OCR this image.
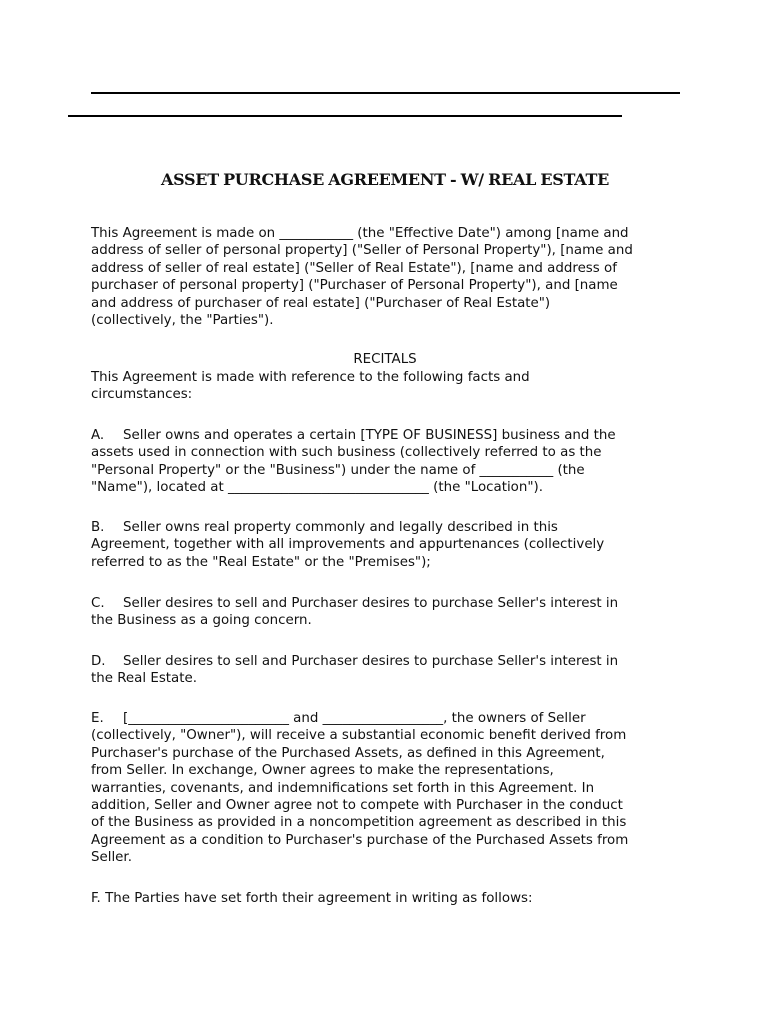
ASSET PURCHASE AGREEMENT - W/ REAL ESTATE
This Agreement is made on ___________ (the "Effective Date") among [name and
address of seller of personal property] ("Seller of Personal Property"), [name and
address of seller of real estate] ("Seller of Real Estate"), [name and address of
purchaser of personal property] ("Purchaser of Personal Property"), and [name
and address of purchaser of real estate] ("Purchaser of Real Estate")
(collectively, the "Parties").
RECITALS
This Agreement is made with reference to the following facts and
circumstances:
A. Seller owns and operates a certain [TYPE OF BUSINESS] business and the
assets used in connection with such business (collectively referred to as the
"Personal Property" or the "Business") under the name of ___________ (the
"Name"), located at ______________________________ (the "Location").
B. Seller owns real property commonly and legally described in this
Agreement, together with all improvements and appurtenances (collectively
referred to as the "Real Estate" or the "Premises");
C. Seller desires to sell and Purchaser desires to purchase Seller's interest in
the Business as a going concern.
D. Seller desires to sell and Purchaser desires to purchase Seller's interest in
the Real Estate.
E. [________________________ and __________________, the owners of Seller
(collectively, "Owner"), will receive a substantial economic benefit derived from
Purchaser's purchase of the Purchased Assets, as defined in this Agreement,
from Seller. In exchange, Owner agrees to make the representations,
warranties, covenants, and indemnifications set forth in this Agreement. In
addition, Seller and Owner agree not to compete with Purchaser in the conduct
of the Business as provided in a noncompetition agreement as described in this
Agreement as a condition to Purchaser's purchase of the Purchased Assets from
Seller.
F. The Parties have set forth their agreement in writing as follows:
